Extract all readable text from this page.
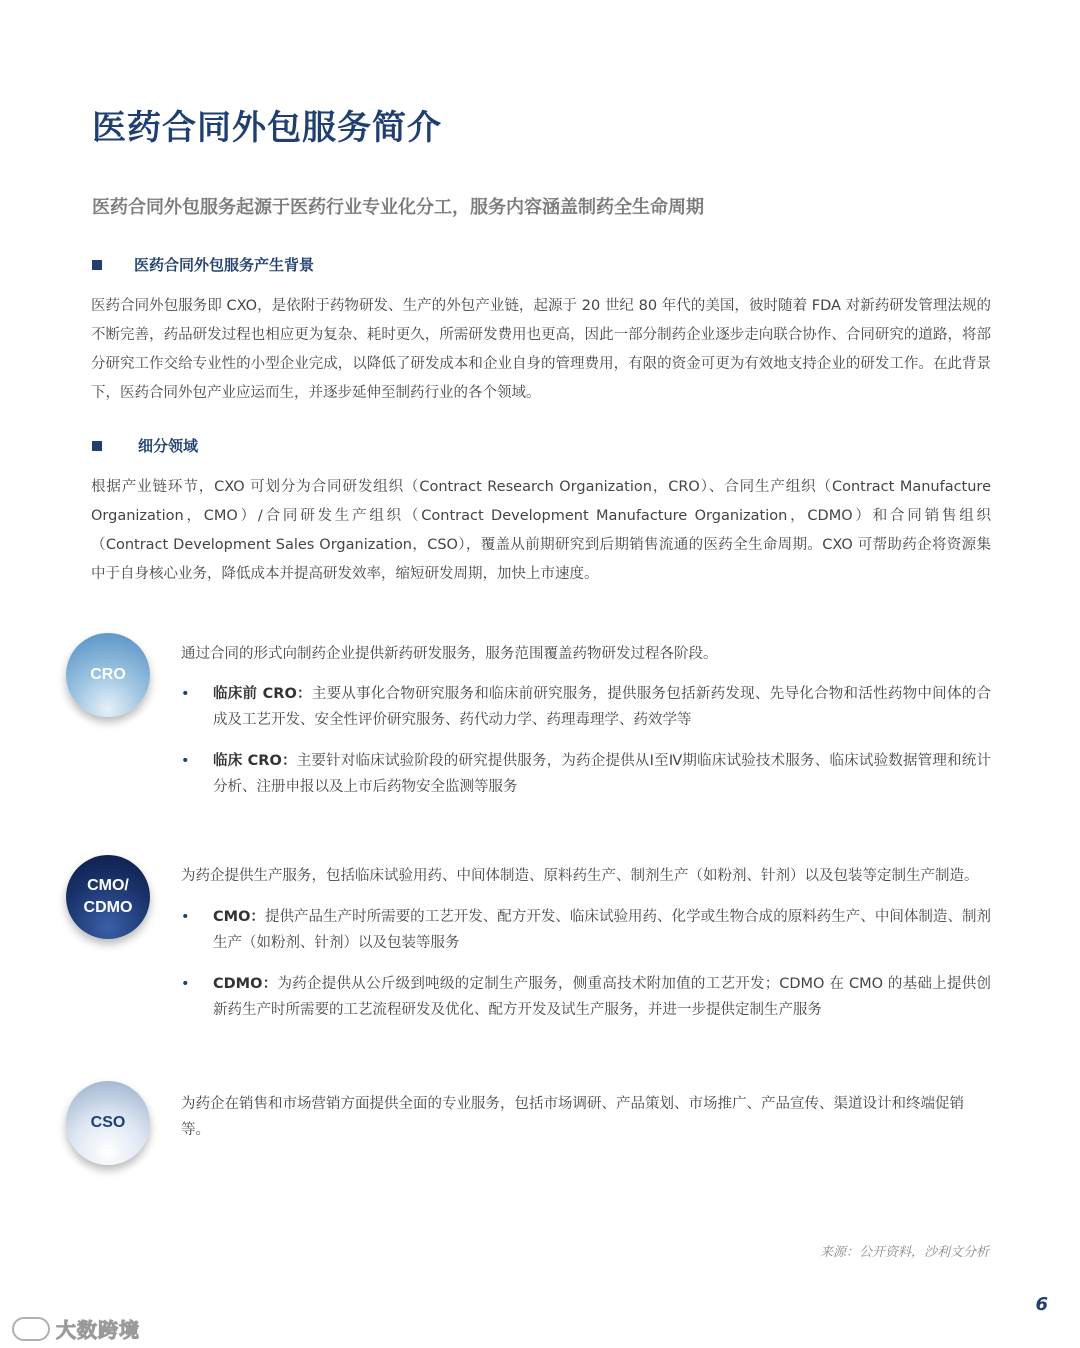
医药合同外包服务简介
医药合同外包服务起源于医药行业专业化分工，服务内容涵盖制药全生命周期
医药合同外包服务产生背景
医药合同外包服务即 CXO，是依附于药物研发、生产的外包产业链，起源于 20 世纪 80 年代的美国，彼时随着 FDA 对新药研发管理法规的不断完善，药品研发过程也相应更为复杂、耗时更久，所需研发费用也更高，因此一部分制药企业逐步走向联合协作、合同研究的道路，将部分研究工作交给专业性的小型企业完成，以降低了研发成本和企业自身的管理费用，有限的资金可更为有效地支持企业的研发工作。在此背景下，医药合同外包产业应运而生，并逐步延伸至制药行业的各个领域。
细分领域
根据产业链环节，CXO 可划分为合同研发组织（Contract Research Organization，CRO）、合同生产组织（Contract Manufacture Organization，CMO）/合同研发生产组织（Contract Development Manufacture Organization，CDMO）和合同销售组织（Contract Development Sales Organization，CSO），覆盖从前期研究到后期销售流通的医药全生命周期。CXO 可帮助药企将资源集中于自身核心业务，降低成本并提高研发效率，缩短研发周期，加快上市速度。
CRO
通过合同的形式向制药企业提供新药研发服务，服务范围覆盖药物研发过程各阶段。
• 临床前 CRO：主要从事化合物研究服务和临床前研究服务，提供服务包括新药发现、先导化合物和活性药物中间体的合成及工艺开发、安全性评价研究服务、药代动力学、药理毒理学、药效学等
• 临床 CRO：主要针对临床试验阶段的研究提供服务，为药企提供从Ⅰ至Ⅳ期临床试验技术服务、临床试验数据管理和统计分析、注册申报以及上市后药物安全监测等服务
CMO/
CDMO
为药企提供生产服务，包括临床试验用药、中间体制造、原料药生产、制剂生产（如粉剂、针剂）以及包装等定制生产制造。
• CMO：提供产品生产时所需要的工艺开发、配方开发、临床试验用药、化学或生物合成的原料药生产、中间体制造、制剂生产（如粉剂、针剂）以及包装等服务
• CDMO：为药企提供从公斤级到吨级的定制生产服务，侧重高技术附加值的工艺开发；CDMO 在 CMO 的基础上提供创新药生产时所需要的工艺流程研发及优化、配方开发及试生产服务，并进一步提供定制生产服务
CSO
为药企在销售和市场营销方面提供全面的专业服务，包括市场调研、产品策划、市场推广、产品宣传、渠道设计和终端促销等。
来源：公开资料，沙利文分析
6
大数跨境
